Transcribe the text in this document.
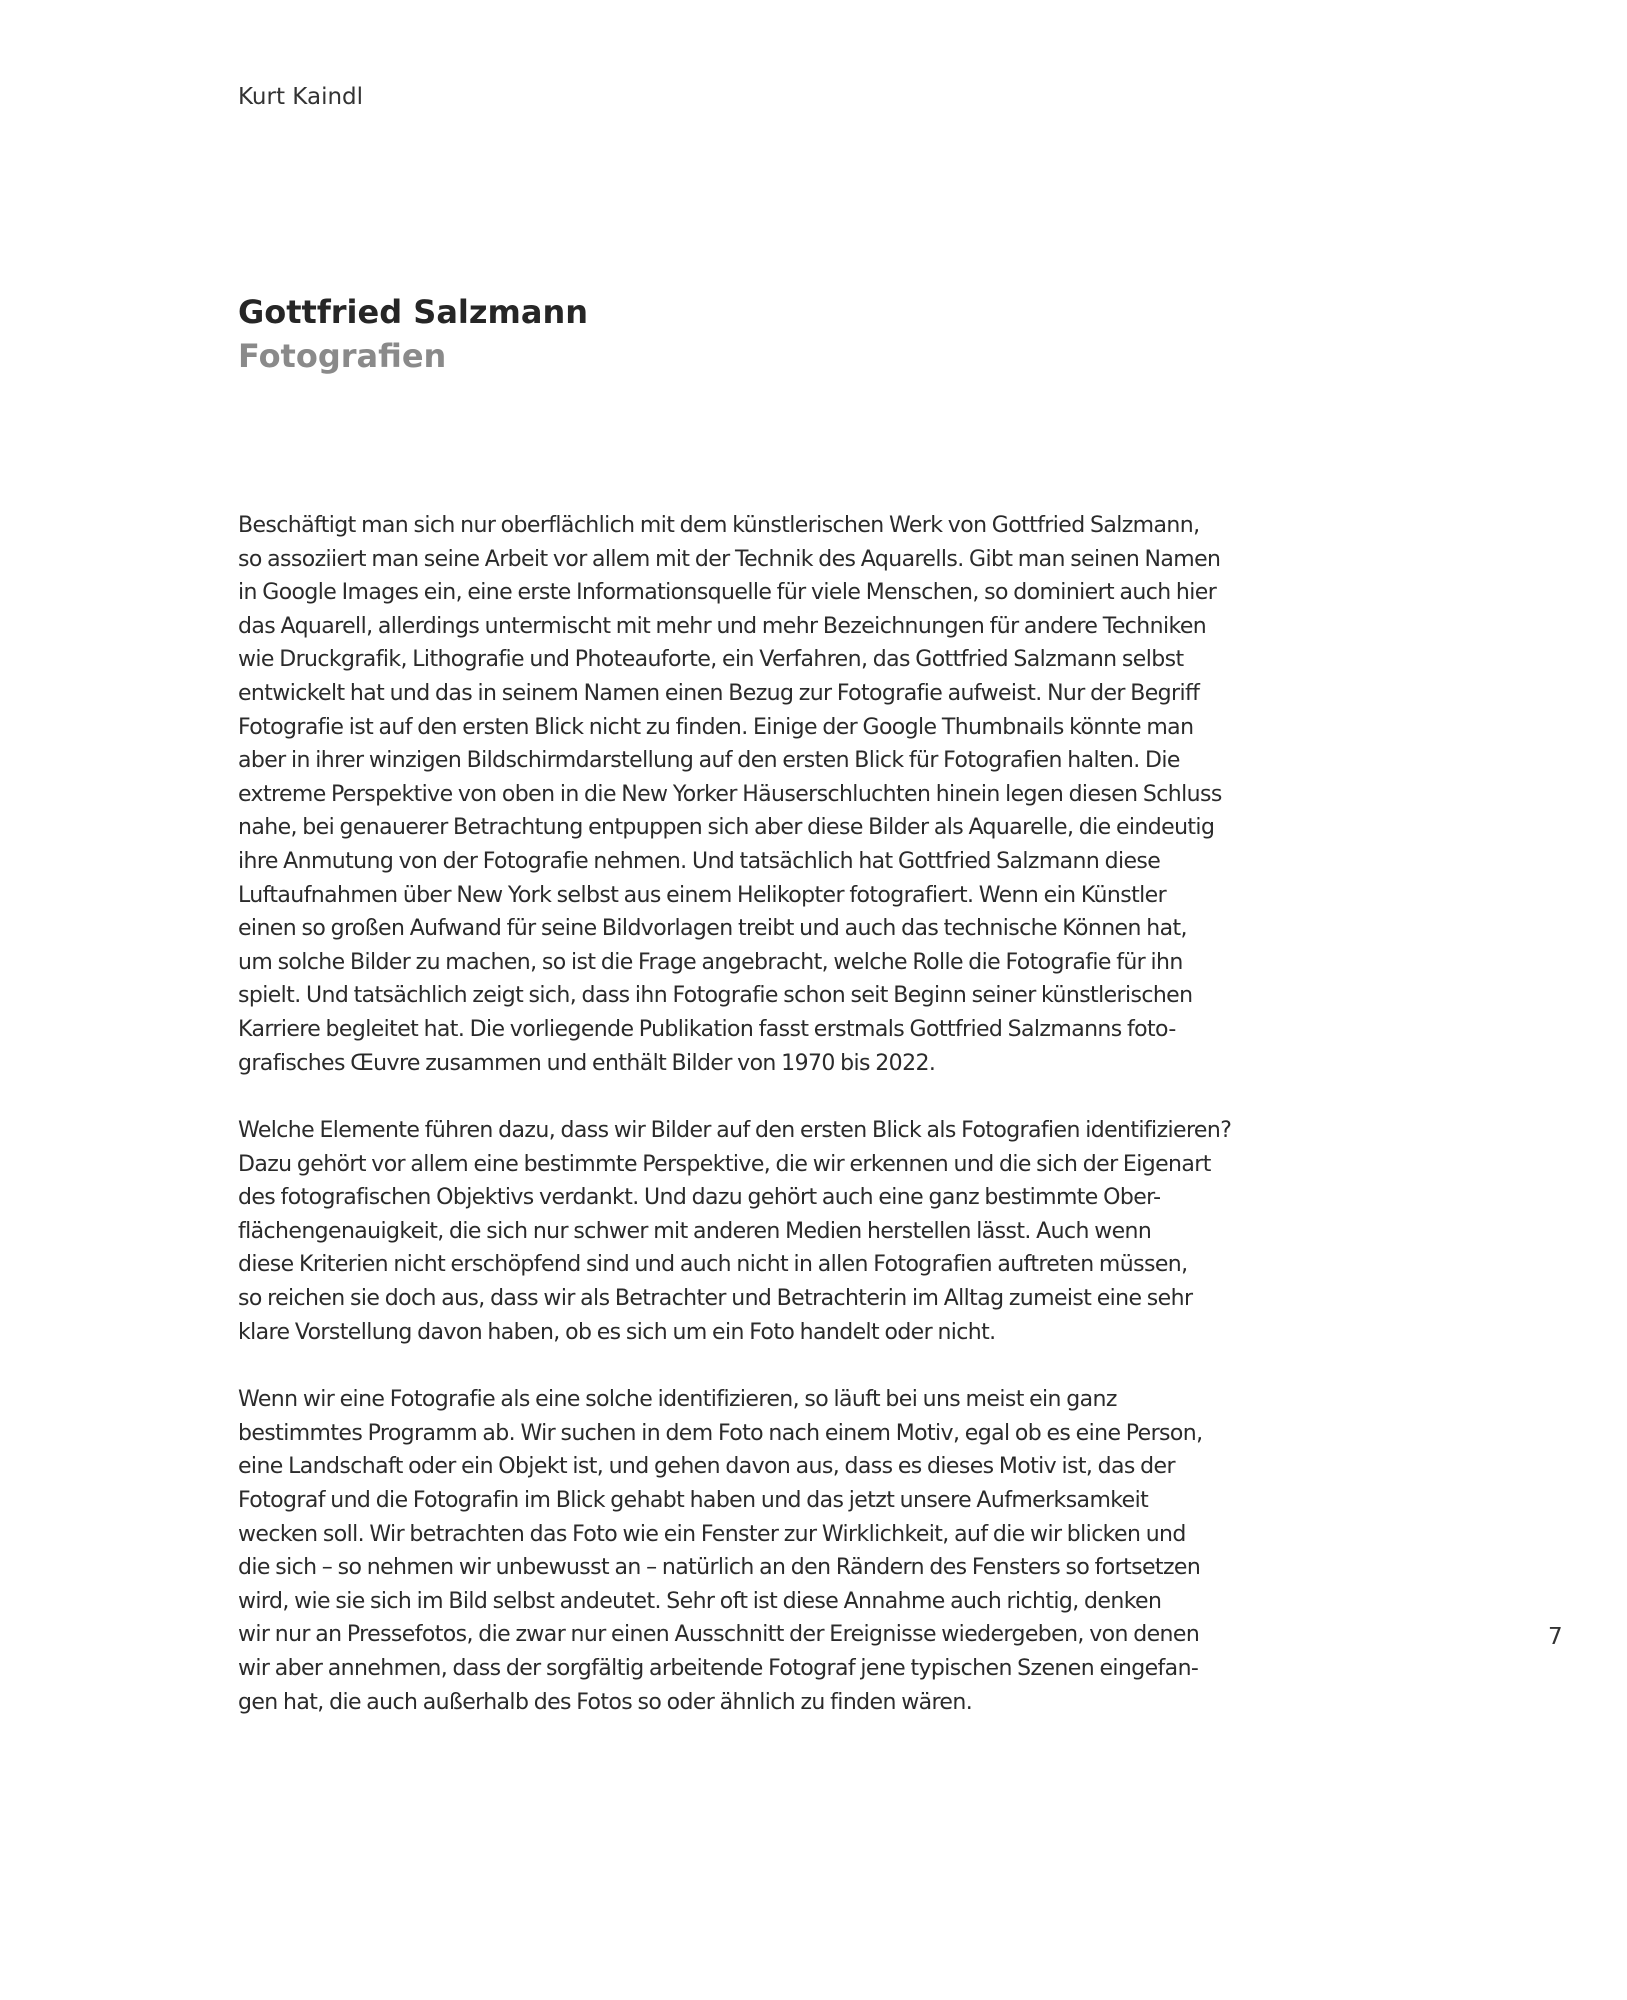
Kurt Kaindl
Gottfried Salzmann
Fotografien
Beschäftigt man sich nur oberflächlich mit dem künstlerischen Werk von Gottfried Salzmann,
so assoziiert man seine Arbeit vor allem mit der Technik des Aquarells. Gibt man seinen Namen
in Google Images ein, eine erste Informationsquelle für viele Menschen, so dominiert auch hier
das Aquarell, allerdings untermischt mit mehr und mehr Bezeichnungen für andere Techniken
wie Druckgrafik, Lithografie und Photeauforte, ein Verfahren, das Gottfried Salzmann selbst
entwickelt hat und das in seinem Namen einen Bezug zur Fotografie aufweist. Nur der Begriff
Fotografie ist auf den ersten Blick nicht zu finden. Einige der Google Thumbnails könnte man
aber in ihrer winzigen Bildschirmdarstellung auf den ersten Blick für Fotografien halten. Die
extreme Perspektive von oben in die New Yorker Häuserschluchten hinein legen diesen Schluss
nahe, bei genauerer Betrachtung entpuppen sich aber diese Bilder als Aquarelle, die eindeutig
ihre Anmutung von der Fotografie nehmen. Und tatsächlich hat Gottfried Salzmann diese
Luftaufnahmen über New York selbst aus einem Helikopter fotografiert. Wenn ein Künstler
einen so großen Aufwand für seine Bildvorlagen treibt und auch das technische Können hat,
um solche Bilder zu machen, so ist die Frage angebracht, welche Rolle die Fotografie für ihn
spielt. Und tatsächlich zeigt sich, dass ihn Fotografie schon seit Beginn seiner künstlerischen
Karriere begleitet hat. Die vorliegende Publikation fasst erstmals Gottfried Salzmanns foto-
grafisches Œuvre zusammen und enthält Bilder von 1970 bis 2022.
Welche Elemente führen dazu, dass wir Bilder auf den ersten Blick als Fotografien identifizieren?
Dazu gehört vor allem eine bestimmte Perspektive, die wir erkennen und die sich der Eigenart
des fotografischen Objektivs verdankt. Und dazu gehört auch eine ganz bestimmte Ober-
flächengenauigkeit, die sich nur schwer mit anderen Medien herstellen lässt. Auch wenn
diese Kriterien nicht erschöpfend sind und auch nicht in allen Fotografien auftreten müssen,
so reichen sie doch aus, dass wir als Betrachter und Betrachterin im Alltag zumeist eine sehr
klare Vorstellung davon haben, ob es sich um ein Foto handelt oder nicht.
Wenn wir eine Fotografie als eine solche identifizieren, so läuft bei uns meist ein ganz
bestimmtes Programm ab. Wir suchen in dem Foto nach einem Motiv, egal ob es eine Person,
eine Landschaft oder ein Objekt ist, und gehen davon aus, dass es dieses Motiv ist, das der
Fotograf und die Fotografin im Blick gehabt haben und das jetzt unsere Aufmerksamkeit
wecken soll. Wir betrachten das Foto wie ein Fenster zur Wirklichkeit, auf die wir blicken und
die sich – so nehmen wir unbewusst an – natürlich an den Rändern des Fensters so fortsetzen
wird, wie sie sich im Bild selbst andeutet. Sehr oft ist diese Annahme auch richtig, denken
wir nur an Pressefotos, die zwar nur einen Ausschnitt der Ereignisse wiedergeben, von denen
wir aber annehmen, dass der sorgfältig arbeitende Fotograf jene typischen Szenen eingefan-
gen hat, die auch außerhalb des Fotos so oder ähnlich zu finden wären.
7
